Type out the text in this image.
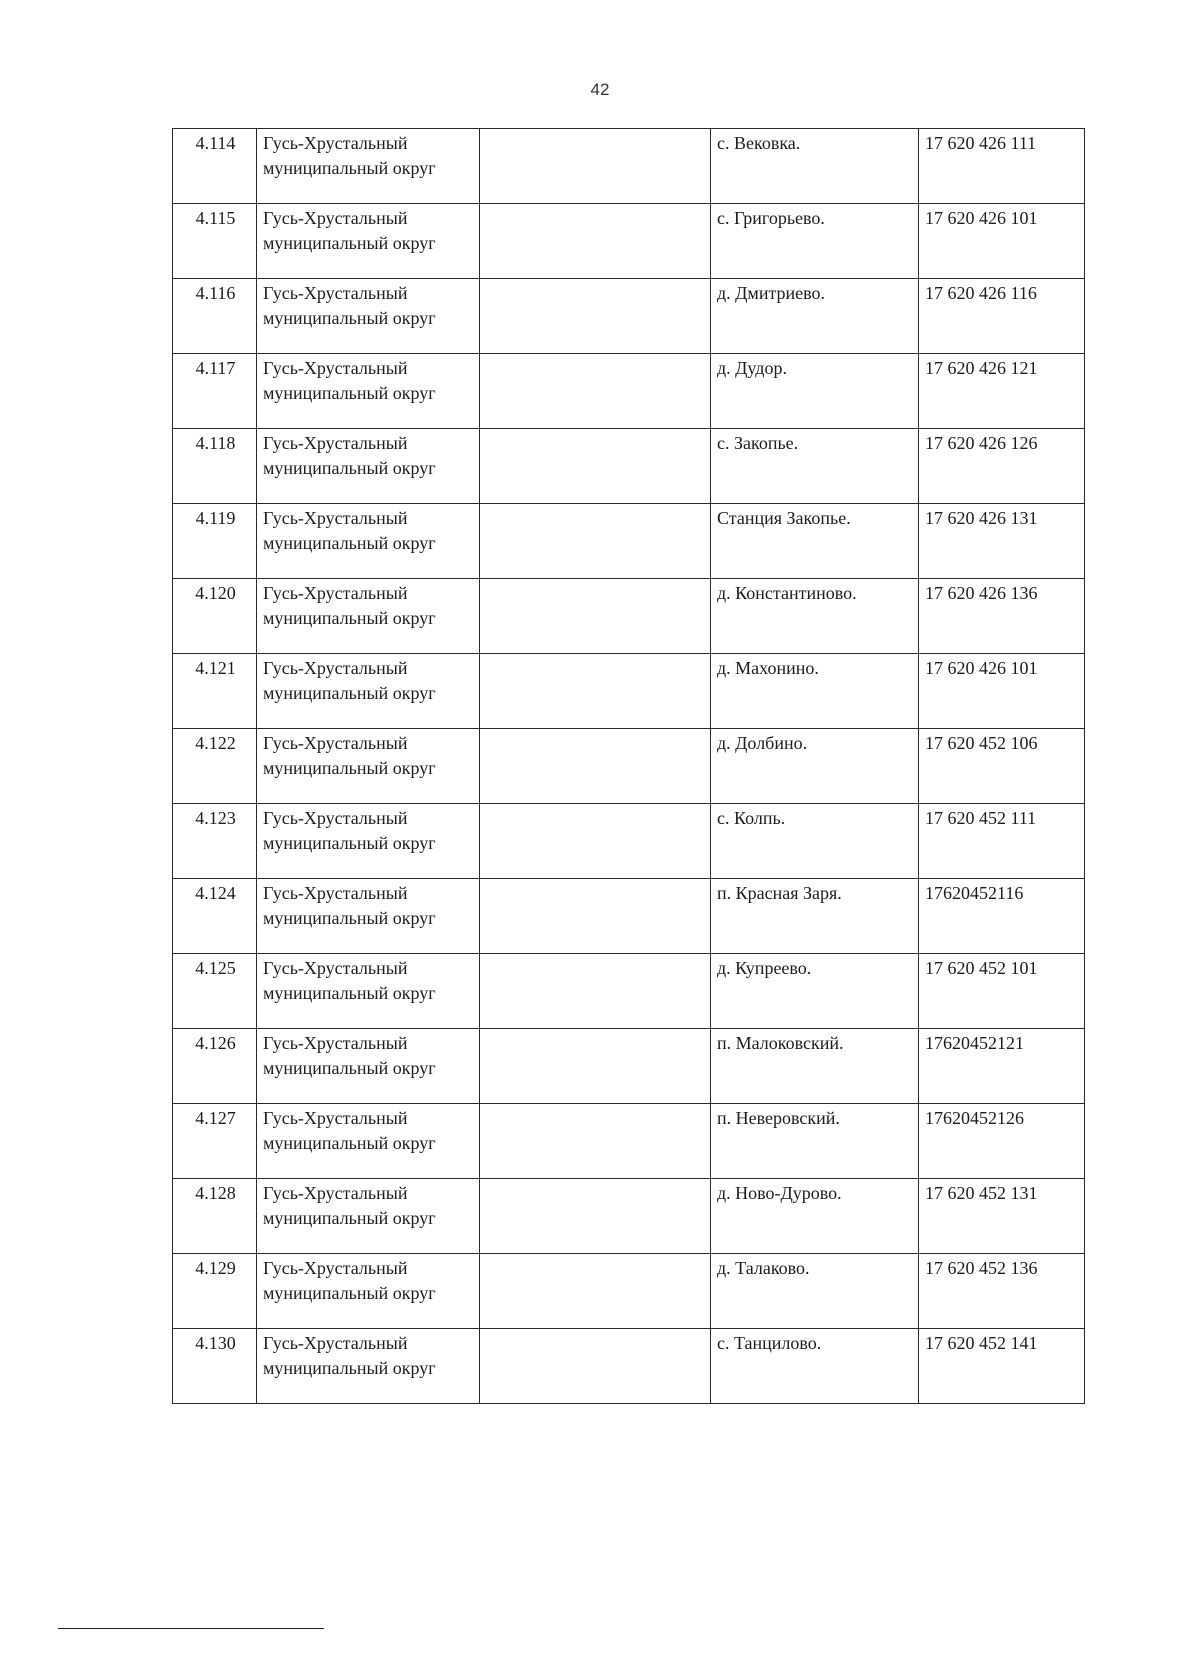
42
4.114	Гусь-Хрустальный муниципальный округ		с. Вековка.	17 620 426 111

4.115	Гусь-Хрустальный муниципальный округ		с. Григорьево.	17 620 426 101

4.116	Гусь-Хрустальный муниципальный округ		д. Дмитриево.	17 620 426 116

4.117	Гусь-Хрустальный муниципальный округ		д. Дудор.	17 620 426 121

4.118	Гусь-Хрустальный муниципальный округ		с. Закопье.	17 620 426 126

4.119	Гусь-Хрустальный муниципальный округ		Станция Закопье.	17 620 426 131

4.120	Гусь-Хрустальный муниципальный округ		д. Константиново.	17 620 426 136

4.121	Гусь-Хрустальный муниципальный округ		д. Махонино.	17 620 426 101

4.122	Гусь-Хрустальный муниципальный округ		д. Долбино.	17 620 452 106

4.123	Гусь-Хрустальный муниципальный округ		с. Колпь.	17 620 452 111

4.124	Гусь-Хрустальный муниципальный округ		п. Красная Заря.	17620452116

4.125	Гусь-Хрустальный муниципальный округ		д. Купреево.	17 620 452 101

4.126	Гусь-Хрустальный муниципальный округ		п. Малоковский.	17620452121

4.127	Гусь-Хрустальный муниципальный округ		п. Неверовский.	17620452126

4.128	Гусь-Хрустальный муниципальный округ		д. Ново-Дурово.	17 620 452 131

4.129	Гусь-Хрустальный муниципальный округ		д. Талаково.	17 620 452 136

4.130	Гусь-Хрустальный муниципальный округ		с. Танцилово.	17 620 452 141
